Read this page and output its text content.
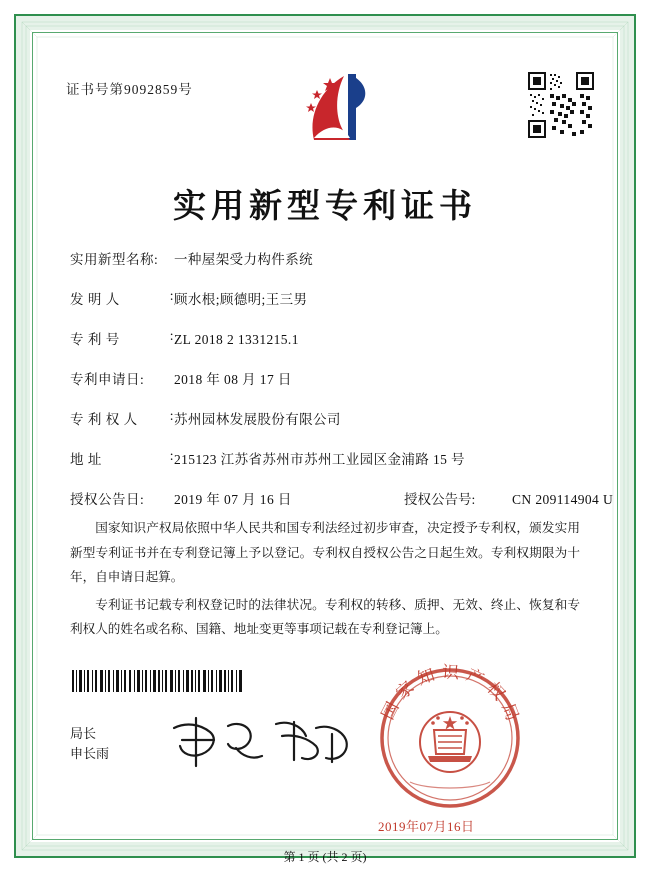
证书号第9092859号
实用新型专利证书
实用新型名称:	一种屋架受力构件系统
发 明 人	: 顾水根;顾德明;王三男
专 利 号	: ZL 2018 2 1331215.1
专利申请日:	2018 年 08 月 17 日
专 利 权 人 : 苏州园林发展股份有限公司
地 址	: 215123 江苏省苏州市苏州工业园区金浦路 15 号
授权公告日:	2019 年 07 月 16 日	授权公告号:	CN 209114904 U

国家知识产权局依照中华人民共和国专利法经过初步审查，决定授予专利权，颁发实用新型专利证书并在专利登记簿上予以登记。专利权自授权公告之日起生效。专利权期限为十年，自申请日起算。

专利证书记载专利权登记时的法律状况。专利权的转移、质押、无效、终止、恢复和专利权人的姓名或名称、国籍、地址变更等事项记载在专利登记簿上。

局长
申长雨
国家知识产权局
2019年07月16日
第 1 页 (共 2 页)
